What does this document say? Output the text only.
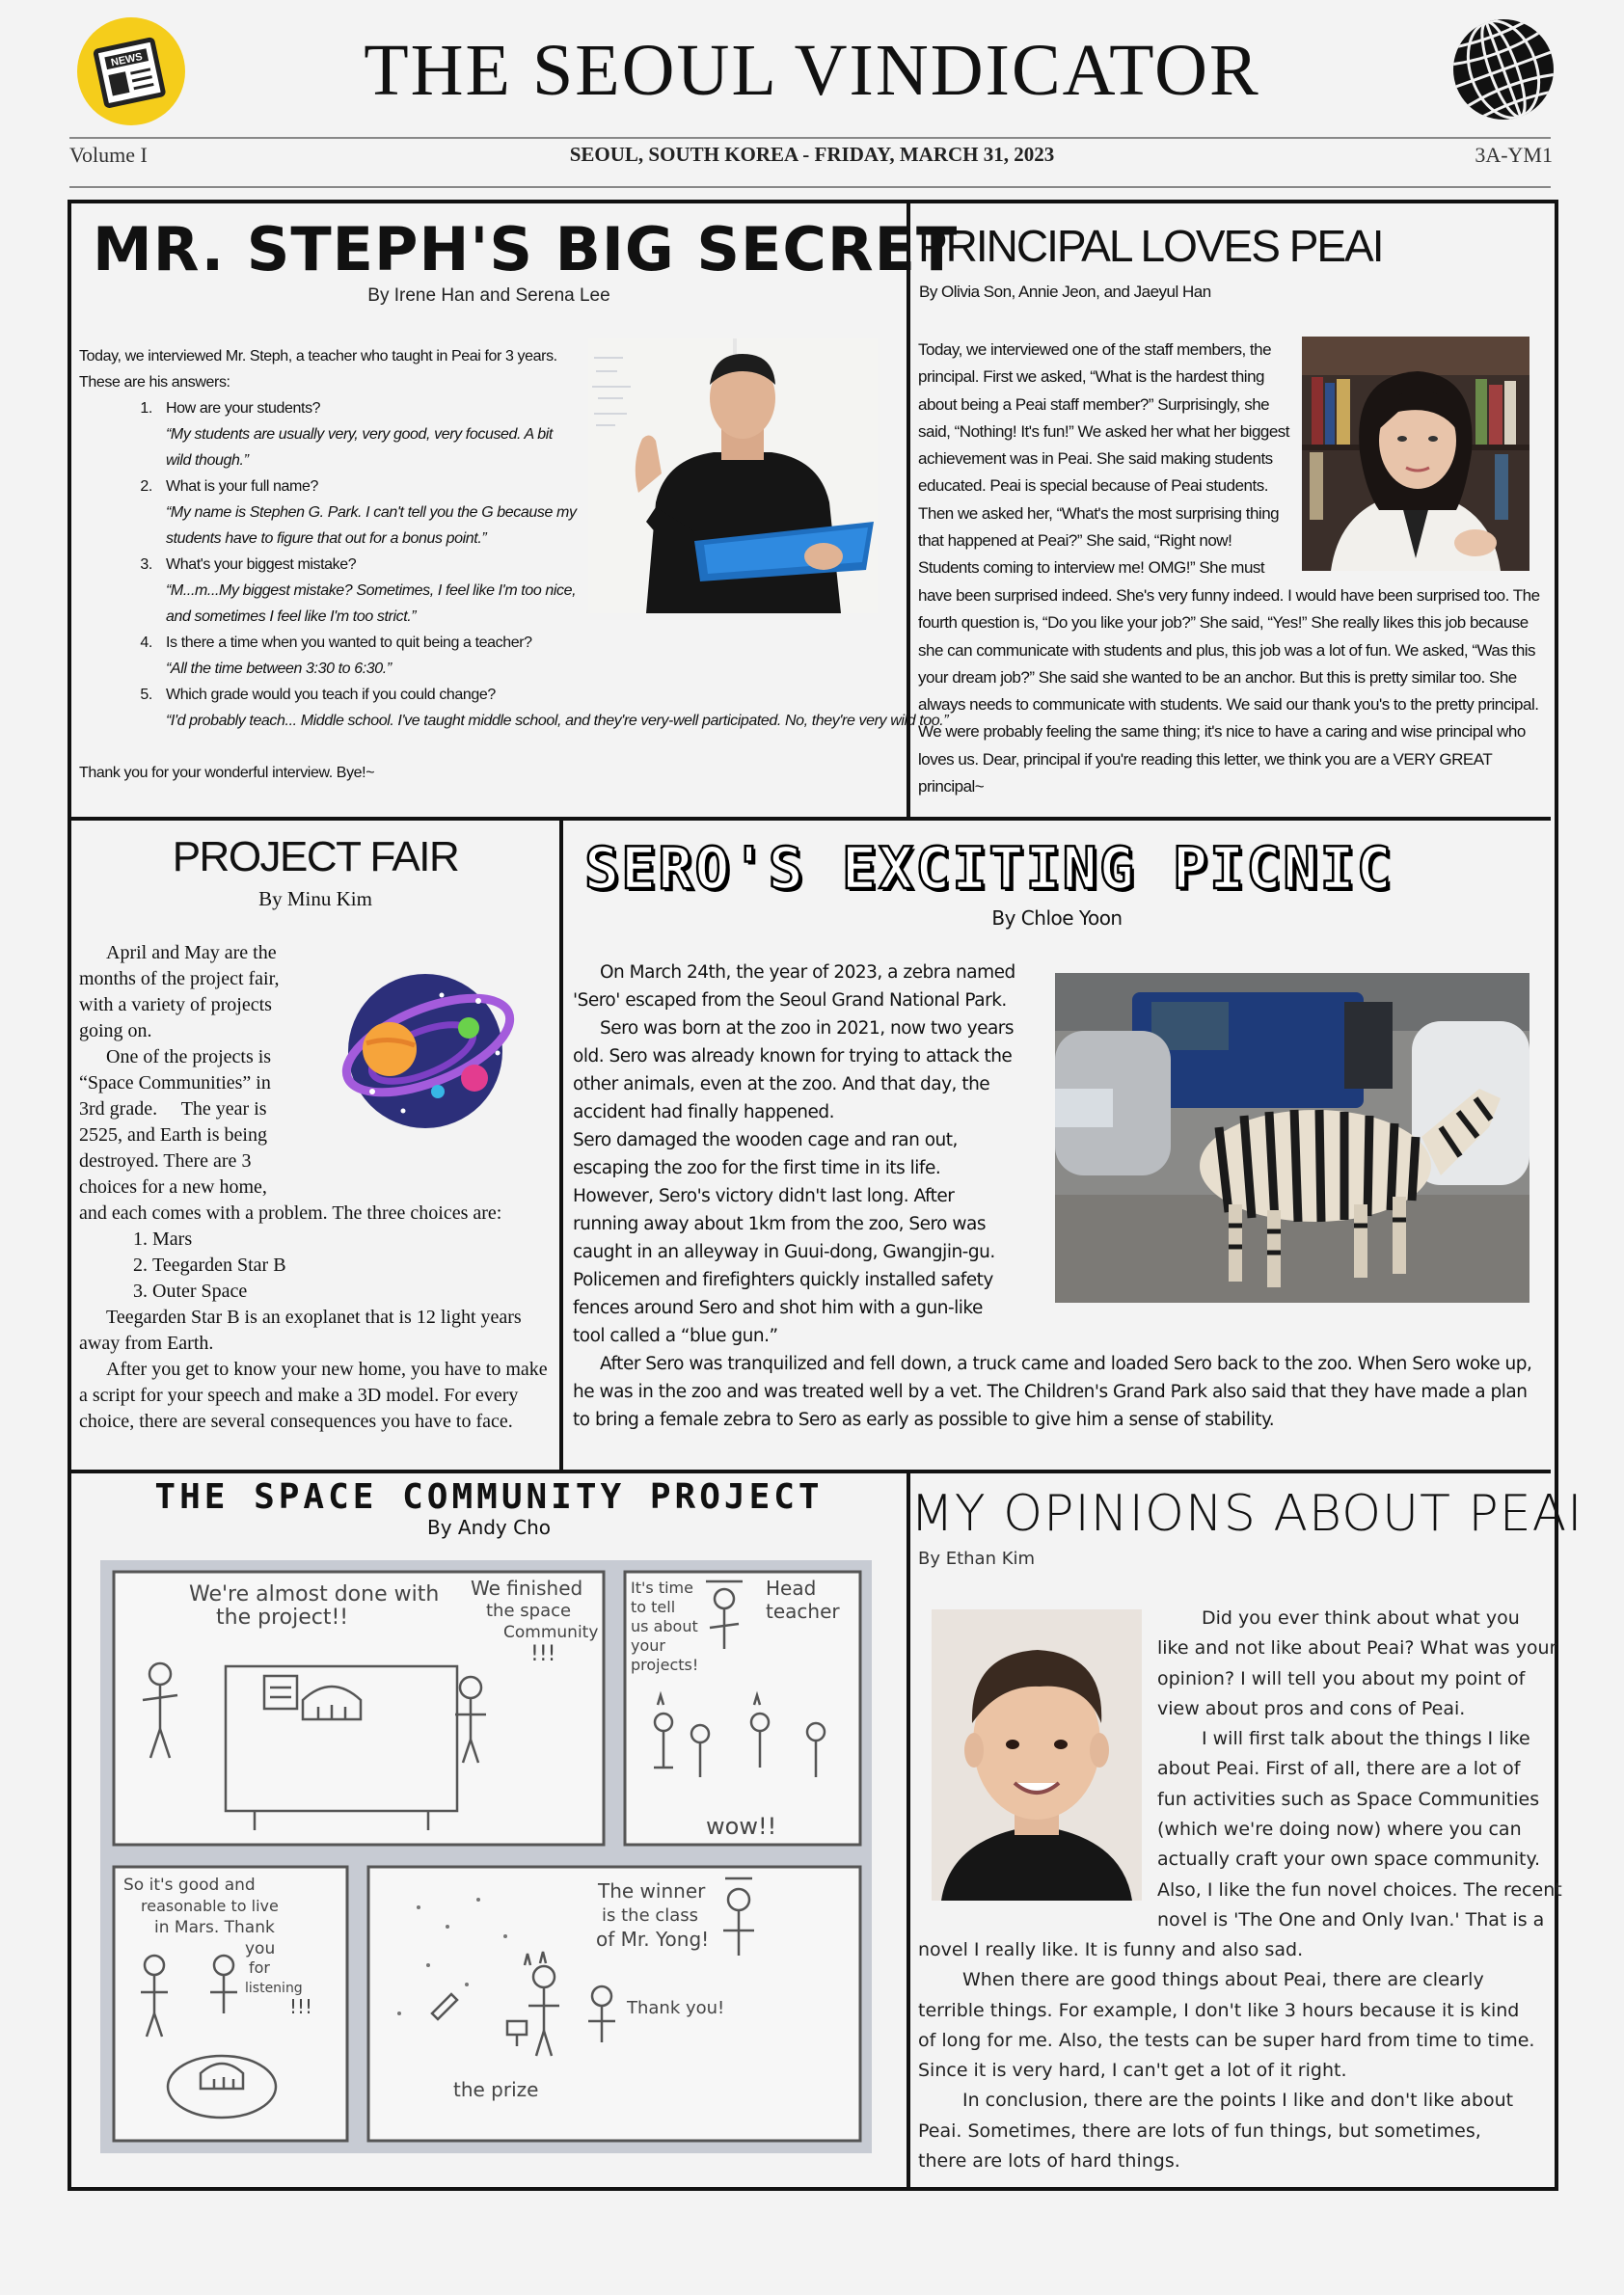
NEWS	THE SEOUL VINDICATOR
Volume I	SEOUL, SOUTH KOREA - FRIDAY, MARCH 31, 2023	3A-YM1
MR. STEPH'S BIG SECRET
By Irene Han and Serena Lee

Today, we interviewed Mr. Steph, a teacher who taught in Peai for 3 years. These are his answers:

1. How are your students?
“My students are usually very, very good, very focused. A bit wild though.”
2. What is your full name?
“My name is Stephen G. Park. I can't tell you the G because my students have to figure that out for a bonus point.”
3. What's your biggest mistake?
“M...m...My biggest mistake? Sometimes, I feel like I'm too nice, and sometimes I feel like I'm too strict.”
4. Is there a time when you wanted to quit being a teacher?
“All the time between 3:30 to 6:30.”
5. Which grade would you teach if you could change?
“I'd probably teach... Middle school. I've taught middle school, and they're very-well participated. No, they're very wild too.”
Thank you for your wonderful interview. Bye!~
PRINCIPAL LOVES PEAI
By Olivia Son, Annie Jeon, and Jaeyul Han
Today, we interviewed one of the staff members, the
principal. First we asked, “What is the hardest thing
about being a Peai staff member?” Surprisingly, she
said, “Nothing! It's fun!” We asked her what her biggest
achievement was in Peai. She said making students
educated. Peai is special because of Peai students.
Then we asked her, “What's the most surprising thing
that happened at Peai?” She said, “Right now!
Students coming to interview me! OMG!” She must
have been surprised indeed. She's very funny indeed. I would have been surprised too. The fourth question is, “Do you like your job?” She said, “Yes!” She really likes this job because she can communicate with students and plus, this job was a lot of fun. We asked, “Was this your dream job?” She said she wanted to be an anchor. But this is pretty similar too. She always needs to communicate with students. We said our thank you's to the pretty principal. We were probably feeling the same thing; it's nice to have a caring and wise principal who loves us. Dear, principal if you're reading this letter, we think you are a VERY GREAT principal~
PROJECT FAIR
By Minu Kim
April and May are the
months of the project fair,
with a variety of projects
going on.
One of the projects is
“Space Communities” in
3rd grade.     The year is
2525, and Earth is being
destroyed. There are 3
choices for a new home,

and each comes with a problem. The three choices are:

1. Mars
2. Teegarden Star B
3. Outer Space

Teegarden Star B is an exoplanet that is 12 light years away from Earth.

After you get to know your new home, you have to make a script for your speech and make a 3D model. For every choice, there are several consequences you have to face.

SERO'S EXCITING PICNIC
By Chloe Yoon
On March 24th, the year of 2023, a zebra named
'Sero' escaped from the Seoul Grand National Park.
Sero was born at the zoo in 2021, now two years
old. Sero was already known for trying to attack the
other animals, even at the zoo. And that day, the
accident had finally happened.
Sero damaged the wooden cage and ran out,
escaping the zoo for the first time in its life.
However, Sero's victory didn't last long. After
running away about 1km from the zoo, Sero was
caught in an alleyway in Guui-dong, Gwangjin-gu.
Policemen and firefighters quickly installed safety
fences around Sero and shot him with a gun-like
tool called a “blue gun.”
After Sero was tranquilized and fell down, a truck came and loaded Sero back to the zoo. When Sero woke up, he was in the zoo and was treated well by a vet. The Children's Grand Park also said that they have made a plan to bring a female zebra to Sero as early as possible to give him a sense of stability.
THE SPACE COMMUNITY PROJECT
By Andy Cho
We're almost done with
the project!!
We finished
the space
Community
!!!
It's time
to tell
us about
your
projects!
Head
teacher
wow!!
So it's good and
reasonable to live
in Mars. Thank
you
for
listening
!!!
The winner
is the class
of Mr. Yong!
Thank you!
the prize
MY OPINIONS ABOUT PEAI
By Ethan Kim
Did you ever think about what you
like and not like about Peai? What was your
opinion? I will tell you about my point of
view about pros and cons of Peai.
I will first talk about the things I like
about Peai. First of all, there are a lot of
fun activities such as Space Communities
(which we're doing now) where you can
actually craft your own space community.
Also, I like the fun novel choices. The recent
novel is 'The One and Only Ivan.' That is a

novel I really like. It is funny and also sad.

When there are good things about Peai, there are clearly terrible things. For example, I don't like 3 hours because it is kind of long for me. Also, the tests can be super hard from time to time. Since it is very hard, I can't get a lot of it right.

In conclusion, there are the points I like and don't like about Peai. Sometimes, there are lots of fun things, but sometimes, there are lots of hard things.
